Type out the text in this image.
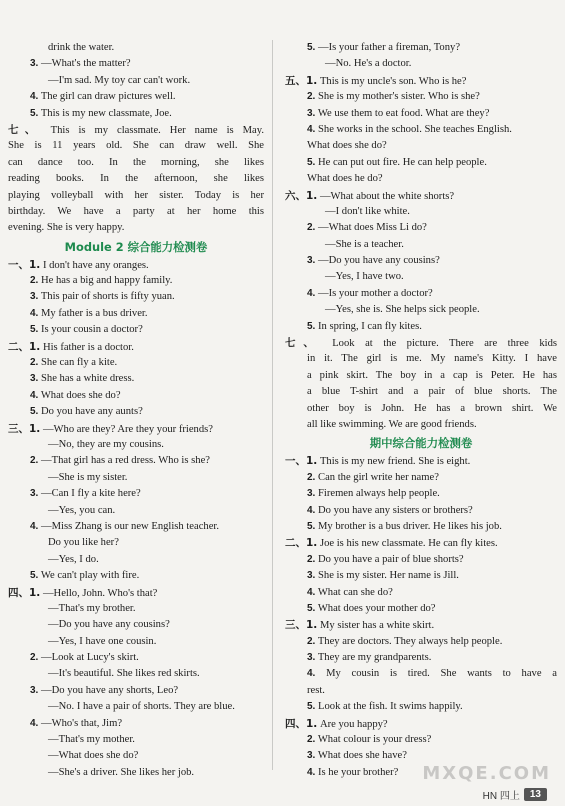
drink the water.
3. —What's the matter?
—I'm sad. My toy car can't work.
4. The girl can draw pictures well.
5. This is my new classmate, Joe.
七、 This is my classmate. Her name is May.
She is 11 years old. She can draw well. She
can dance too. In the morning, she likes
reading books. In the afternoon, she likes
playing volleyball with her sister. Today is her
birthday. We have a party at her home this
evening. She is very happy.
Module 2 综合能力检测卷
一、1. I don't have any oranges.
2. He has a big and happy family.
3. This pair of shorts is fifty yuan.
4. My father is a bus driver.
5. Is your cousin a doctor?
二、1. His father is a doctor.
2. She can fly a kite.
3. She has a white dress.
4. What does she do?
5. Do you have any aunts?
三、1. —Who are they? Are they your friends?
—No, they are my cousins.
2. —That girl has a red dress. Who is she?
—She is my sister.
3. —Can I fly a kite here?
—Yes, you can.
4. —Miss Zhang is our new English teacher.
Do you like her?
—Yes, I do.
5. We can't play with fire.
四、1. —Hello, John. Who's that?
—That's my brother.
—Do you have any cousins?
—Yes, I have one cousin.
2. —Look at Lucy's skirt.
—It's beautiful. She likes red skirts.
3. —Do you have any shorts, Leo?
—No. I have a pair of shorts. They are blue.
4. —Who's that, Jim?
—That's my mother.
—What does she do?
—She's a driver. She likes her job.
5. —Is your father a fireman, Tony?
—No. He's a doctor.
五、1. This is my uncle's son. Who is he?
2. She is my mother's sister. Who is she?
3. We use them to eat food. What are they?
4. She works in the school. She teaches English.
What does she do?
5. He can put out fire. He can help people.
What does he do?
六、1. —What about the white shorts?
—I don't like white.
2. —What does Miss Li do?
—She is a teacher.
3. —Do you have any cousins?
—Yes, I have two.
4. —Is your mother a doctor?
—Yes, she is. She helps sick people.
5. In spring, I can fly kites.
七、 Look at the picture. There are three kids
in it. The girl is me. My name's Kitty. I have
a pink skirt. The boy in a cap is Peter. He has
a blue T-shirt and a pair of blue shorts. The
other boy is John. He has a brown shirt. We
all like swimming. We are good friends.
期中综合能力检测卷
一、1. This is my new friend. She is eight.
2. Can the girl write her name?
3. Firemen always help people.
4. Do you have any sisters or brothers?
5. My brother is a bus driver. He likes his job.
二、1. Joe is his new classmate. He can fly kites.
2. Do you have a pair of blue shorts?
3. She is my sister. Her name is Jill.
4. What can she do?
5. What does your mother do?
三、1. My sister has a white skirt.
2. They are doctors. They always help people.
3. They are my grandparents.
4. My cousin is tired. She wants to have a
rest.
5. Look at the fish. It swims happily.
四、1. Are you happy?
2. What colour is your dress?
3. What does she have?
4. Is he your brother?	MXQE.COM
HN 四上	13
